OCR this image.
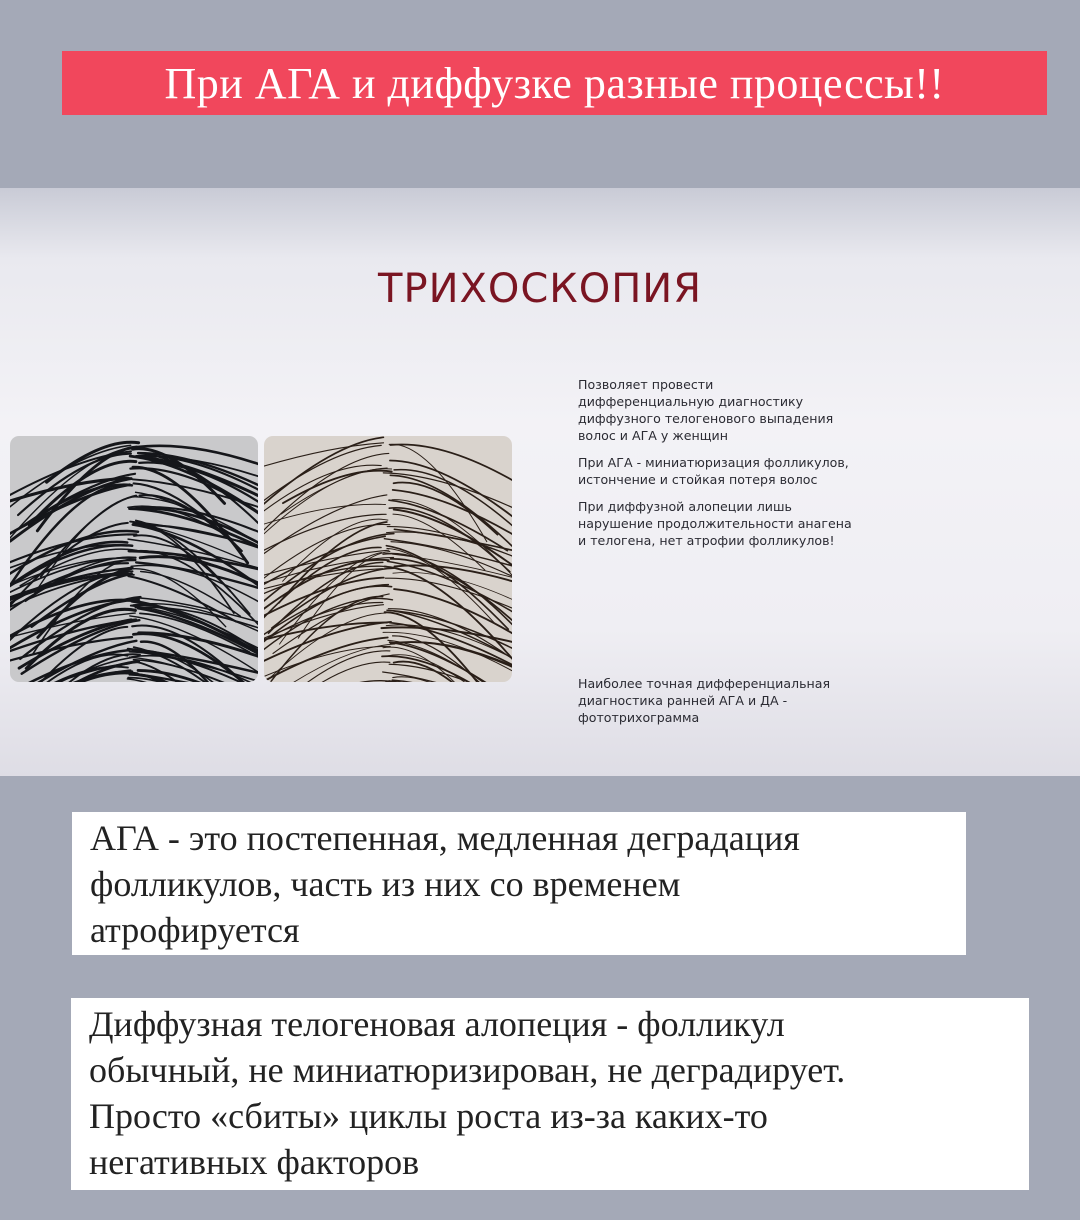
При АГА и диффузке разные процессы!!
ТРИХОСКОПИЯ
Позволяет провести
дифференциальную диагностику
диффузного телогенового выпадения
волос и АГА у женщин
При АГА - миниатюризация фолликулов,
истончение и стойкая потеря волос
При диффузной алопеции лишь
нарушение продолжительности анагена
и телогена, нет атрофии фолликулов!
Наиболее точная дифференциальная
диагностика ранней АГА и ДА -
фототрихограмма
АГА - это постепенная, медленная деградация
фолликулов, часть из них со временем
атрофируется
Диффузная телогеновая алопеция - фолликул
обычный, не миниатюризирован, не деградирует.
Просто «сбиты» циклы роста из-за каких-то
негативных факторов
